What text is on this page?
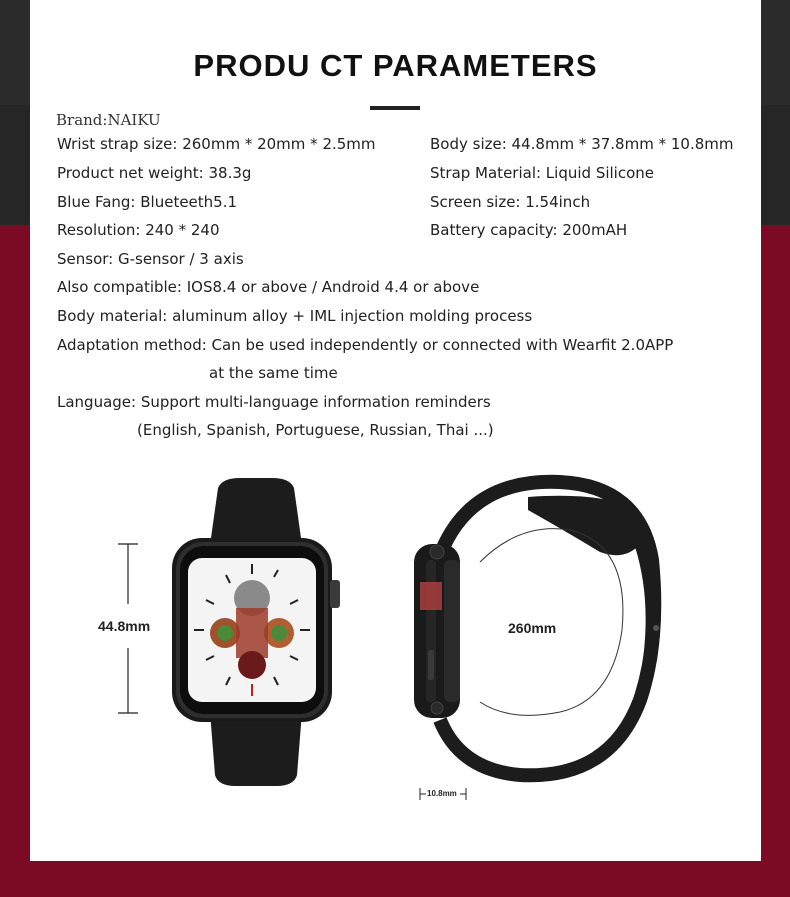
PRODU CT PARAMETERS
Brand:NAIKU
Wrist strap size: 260mm * 20mm * 2.5mm
Product net weight: 38.3g
Blue Fang: Blueteeth5.1
Resolution: 240 * 240
Body size: 44.8mm * 37.8mm * 10.8mm
Strap Material: Liquid Silicone
Screen size: 1.54inch
Battery capacity: 200mAH
Sensor: G-sensor / 3 axis
Also compatible: IOS8.4 or above / Android 4.4 or above
Body material: aluminum alloy + IML injection molding process
Adaptation method: Can be used independently or connected with Wearfit 2.0APP
at the same time
Language: Support multi-language information reminders
(English, Spanish, Portuguese, Russian, Thai ...)
44.8mm	260mm
10.8mm
